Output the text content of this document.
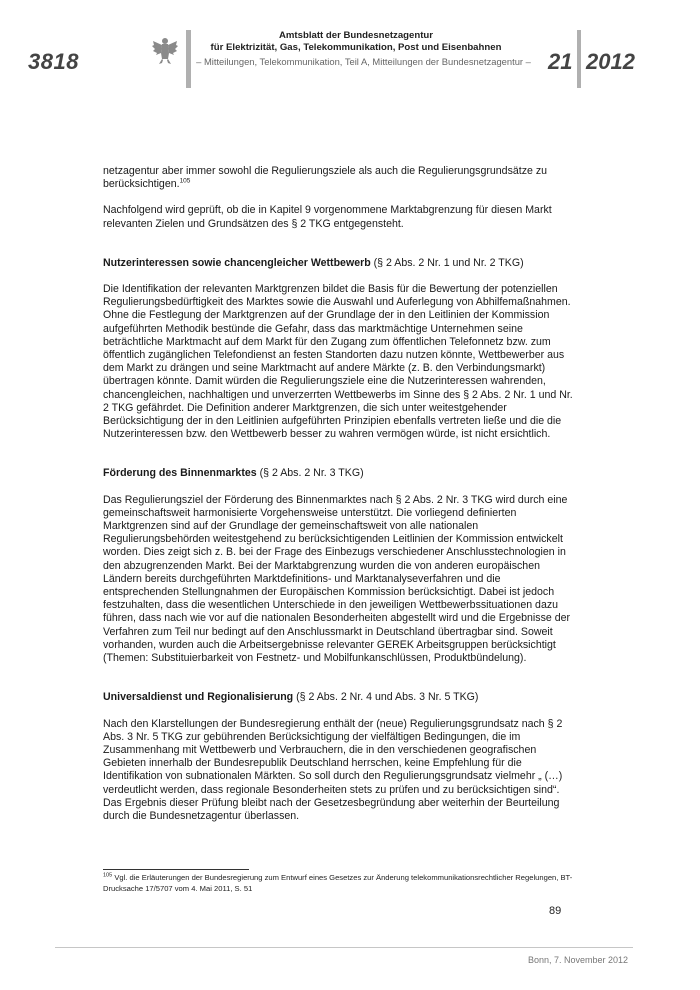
3818
Amtsblatt der Bundesnetzagentur
für Elektrizität, Gas, Telekommunikation, Post und Eisenbahnen
– Mitteilungen, Telekommunikation, Teil A, Mitteilungen der Bundesnetzagentur – 21 2012

netzagentur aber immer sowohl die Regulierungsziele als auch die Regulierungsgrundsätze zu berücksichtigen.$^{105}$

Nachfolgend wird geprüft, ob die in Kapitel 9 vorgenommene Marktabgrenzung für diesen Markt relevanten Zielen und Grundsätzen des § 2 TKG entgegensteht.

Nutzerinteressen sowie chancengleicher Wettbewerb (§ 2 Abs. 2 Nr. 1 und Nr. 2 TKG)

Die Identifikation der relevanten Marktgrenzen bildet die Basis für die Bewertung der potenziellen Regulierungsbedürftigkeit des Marktes sowie die Auswahl und Auferlegung von Abhilfemaßnahmen. Ohne die Festlegung der Marktgrenzen auf der Grundlage der in den Leitlinien der Kommission aufgeführten Methodik bestünde die Gefahr, dass das marktmächtige Unternehmen seine beträchtliche Marktmacht auf dem Markt für den Zugang zum öffentlichen Telefonnetz bzw. zum öffentlich zugänglichen Telefondienst an festen Standorten dazu nutzen könnte, Wettbewerber aus dem Markt zu drängen und seine Marktmacht auf andere Märkte (z. B. den Verbindungsmarkt) übertragen könnte. Damit würden die Regulierungsziele eine die Nutzerinteressen wahrenden, chancengleichen, nachhaltigen und unverzerrten Wettbewerbs im Sinne des § 2 Abs. 2 Nr. 1 und Nr. 2 TKG gefährdet. Die Definition anderer Marktgrenzen, die sich unter weitestgehender Berücksichtigung der in den Leitlinien aufgeführten Prinzipien ebenfalls vertreten ließe und die die Nutzerinteressen bzw. den Wettbewerb besser zu wahren vermögen würde, ist nicht ersichtlich.

Förderung des Binnenmarktes (§ 2 Abs. 2 Nr. 3 TKG)

Das Regulierungsziel der Förderung des Binnenmarktes nach § 2 Abs. 2 Nr. 3 TKG wird durch eine gemeinschaftsweit harmonisierte Vorgehensweise unterstützt. Die vorliegend definierten Marktgrenzen sind auf der Grundlage der gemeinschaftsweit von alle nationalen Regulierungsbehörden weitestgehend zu berücksichtigenden Leitlinien der Kommission entwickelt worden. Dies zeigt sich z. B. bei der Frage des Einbezugs verschiedener Anschlusstechnologien in den abzugrenzenden Markt. Bei der Marktabgrenzung wurden die von anderen europäischen Ländern bereits durchgeführten Marktdefinitions- und Marktanalyseverfahren und die entsprechenden Stellungnahmen der Europäischen Kommission berücksichtigt. Dabei ist jedoch festzuhalten, dass die wesentlichen Unterschiede in den jeweiligen Wettbewerbssituationen dazu führen, dass nach wie vor auf die nationalen Besonderheiten abgestellt wird und die Ergebnisse der Verfahren zum Teil nur bedingt auf den Anschlussmarkt in Deutschland übertragbar sind. Soweit vorhanden, wurden auch die Arbeitsergebnisse relevanter GEREK Arbeitsgruppen berücksichtigt (Themen: Substituierbarkeit von Festnetz- und Mobilfunkanschlüssen, Produktbündelung).

Universaldienst und Regionalisierung (§ 2 Abs. 2 Nr. 4 und Abs. 3 Nr. 5 TKG)

Nach den Klarstellungen der Bundesregierung enthält der (neue) Regulierungsgrundsatz nach § 2 Abs. 3 Nr. 5 TKG zur gebührenden Berücksichtigung der vielfältigen Bedingungen, die im Zusammenhang mit Wettbewerb und Verbrauchern, die in den verschiedenen geografischen Gebieten innerhalb der Bundesrepublik Deutschland herrschen, keine Empfehlung für die Identifikation von subnationalen Märkten. So soll durch den Regulierungsgrundsatz vielmehr „ (…) verdeutlicht werden, dass regionale Besonderheiten stets zu prüfen und zu berücksichtigen sind“. Das Ergebnis dieser Prüfung bleibt nach der Gesetzesbegründung aber weiterhin der Beurteilung durch die Bundesnetzagentur überlassen.

$^{105}$ Vgl. die Erläuterungen der Bundesregierung zum Entwurf eines Gesetzes zur Änderung telekommunikationsrechtlicher Regelungen, BT-Drucksache 17/5707 vom 4. Mai 2011, S. 51
89
Bonn, 7. November 2012
